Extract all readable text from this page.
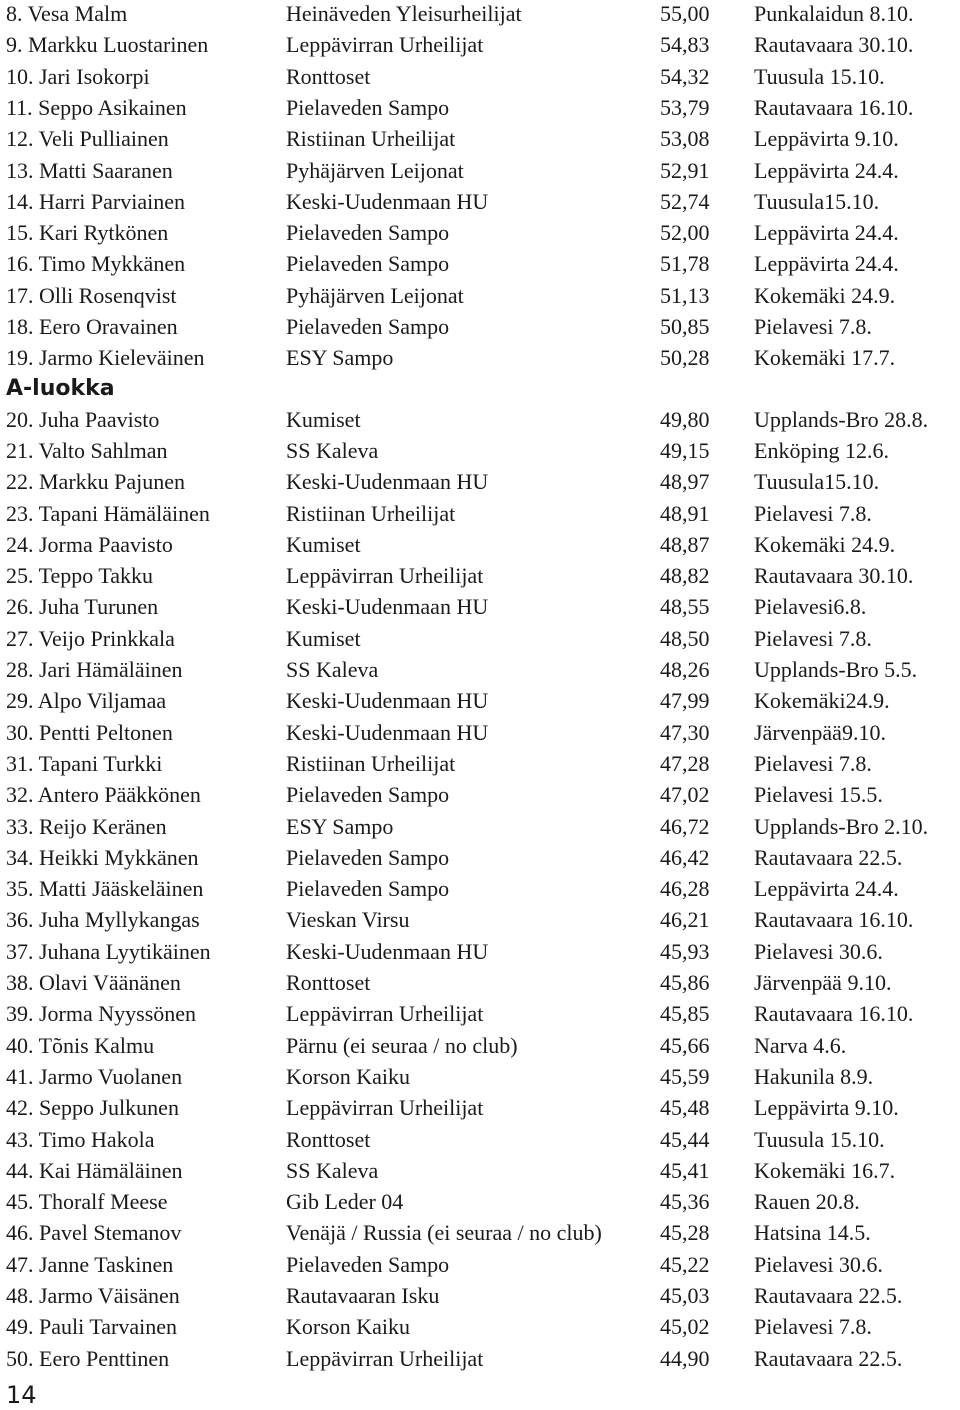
8. Vesa Malm	Heinäveden Yleisurheilijat	55,00 Punkalaidun 8.10.
9. Markku Luostarinen	Leppävirran Urheilijat	54,83 Rautavaara 30.10.
10. Jari Isokorpi	Ronttoset	54,32 Tuusula 15.10.
11. Seppo Asikainen	Pielaveden Sampo	53,79 Rautavaara 16.10.
12. Veli Pulliainen	Ristiinan Urheilijat	53,08 Leppävirta 9.10.
13. Matti Saaranen	Pyhäjärven Leijonat	52,91 Leppävirta 24.4.
14. Harri Parviainen	Keski-Uudenmaan HU	52,74 Tuusula15.10.
15. Kari Rytkönen	Pielaveden Sampo	52,00 Leppävirta 24.4.
16. Timo Mykkänen	Pielaveden Sampo	51,78 Leppävirta 24.4.
17. Olli Rosenqvist	Pyhäjärven Leijonat	51,13 Kokemäki 24.9.
18. Eero Oravainen	Pielaveden Sampo	50,85 Pielavesi 7.8.
19. Jarmo Kieleväinen	ESY Sampo	50,28 Kokemäki 17.7.
A-luokka
20. Juha Paavisto	Kumiset	49,80 Upplands-Bro 28.8.
21. Valto Sahlman	SS Kaleva	49,15 Enköping 12.6.
22. Markku Pajunen	Keski-Uudenmaan HU	48,97 Tuusula15.10.
23. Tapani Hämäläinen	Ristiinan Urheilijat	48,91 Pielavesi 7.8.
24. Jorma Paavisto	Kumiset	48,87 Kokemäki 24.9.
25. Teppo Takku	Leppävirran Urheilijat	48,82 Rautavaara 30.10.
26. Juha Turunen	Keski-Uudenmaan HU	48,55 Pielavesi6.8.
27. Veijo Prinkkala	Kumiset	48,50 Pielavesi 7.8.
28. Jari Hämäläinen	SS Kaleva	48,26 Upplands-Bro 5.5.
29. Alpo Viljamaa	Keski-Uudenmaan HU	47,99 Kokemäki24.9.
30. Pentti Peltonen	Keski-Uudenmaan HU	47,30 Järvenpää9.10.
31. Tapani Turkki	Ristiinan Urheilijat	47,28 Pielavesi 7.8.
32. Antero Pääkkönen	Pielaveden Sampo	47,02 Pielavesi 15.5.
33. Reijo Keränen	ESY Sampo	46,72 Upplands-Bro 2.10.
34. Heikki Mykkänen	Pielaveden Sampo	46,42 Rautavaara 22.5.
35. Matti Jääskeläinen	Pielaveden Sampo	46,28 Leppävirta 24.4.
36. Juha Myllykangas	Vieskan Virsu	46,21 Rautavaara 16.10.
37. Juhana Lyytikäinen	Keski-Uudenmaan HU	45,93 Pielavesi 30.6.
38. Olavi Väänänen	Ronttoset	45,86 Järvenpää 9.10.
39. Jorma Nyyssönen	Leppävirran Urheilijat	45,85 Rautavaara 16.10.
40. Tõnis Kalmu	Pärnu (ei seuraa / no club)	45,66 Narva 4.6.
41. Jarmo Vuolanen	Korson Kaiku	45,59 Hakunila 8.9.
42. Seppo Julkunen	Leppävirran Urheilijat	45,48 Leppävirta 9.10.
43. Timo Hakola	Ronttoset	45,44 Tuusula 15.10.
44. Kai Hämäläinen	SS Kaleva	45,41 Kokemäki 16.7.
45. Thoralf Meese	Gib Leder 04	45,36 Rauen 20.8.
46. Pavel Stemanov	Venäjä / Russia (ei seuraa / no club)	45,28 Hatsina 14.5.
47. Janne Taskinen	Pielaveden Sampo	45,22 Pielavesi 30.6.
48. Jarmo Väisänen	Rautavaaran Isku	45,03 Rautavaara 22.5.
49. Pauli Tarvainen	Korson Kaiku	45,02 Pielavesi 7.8.
50. Eero Penttinen	Leppävirran Urheilijat	44,90 Rautavaara 22.5.
14
